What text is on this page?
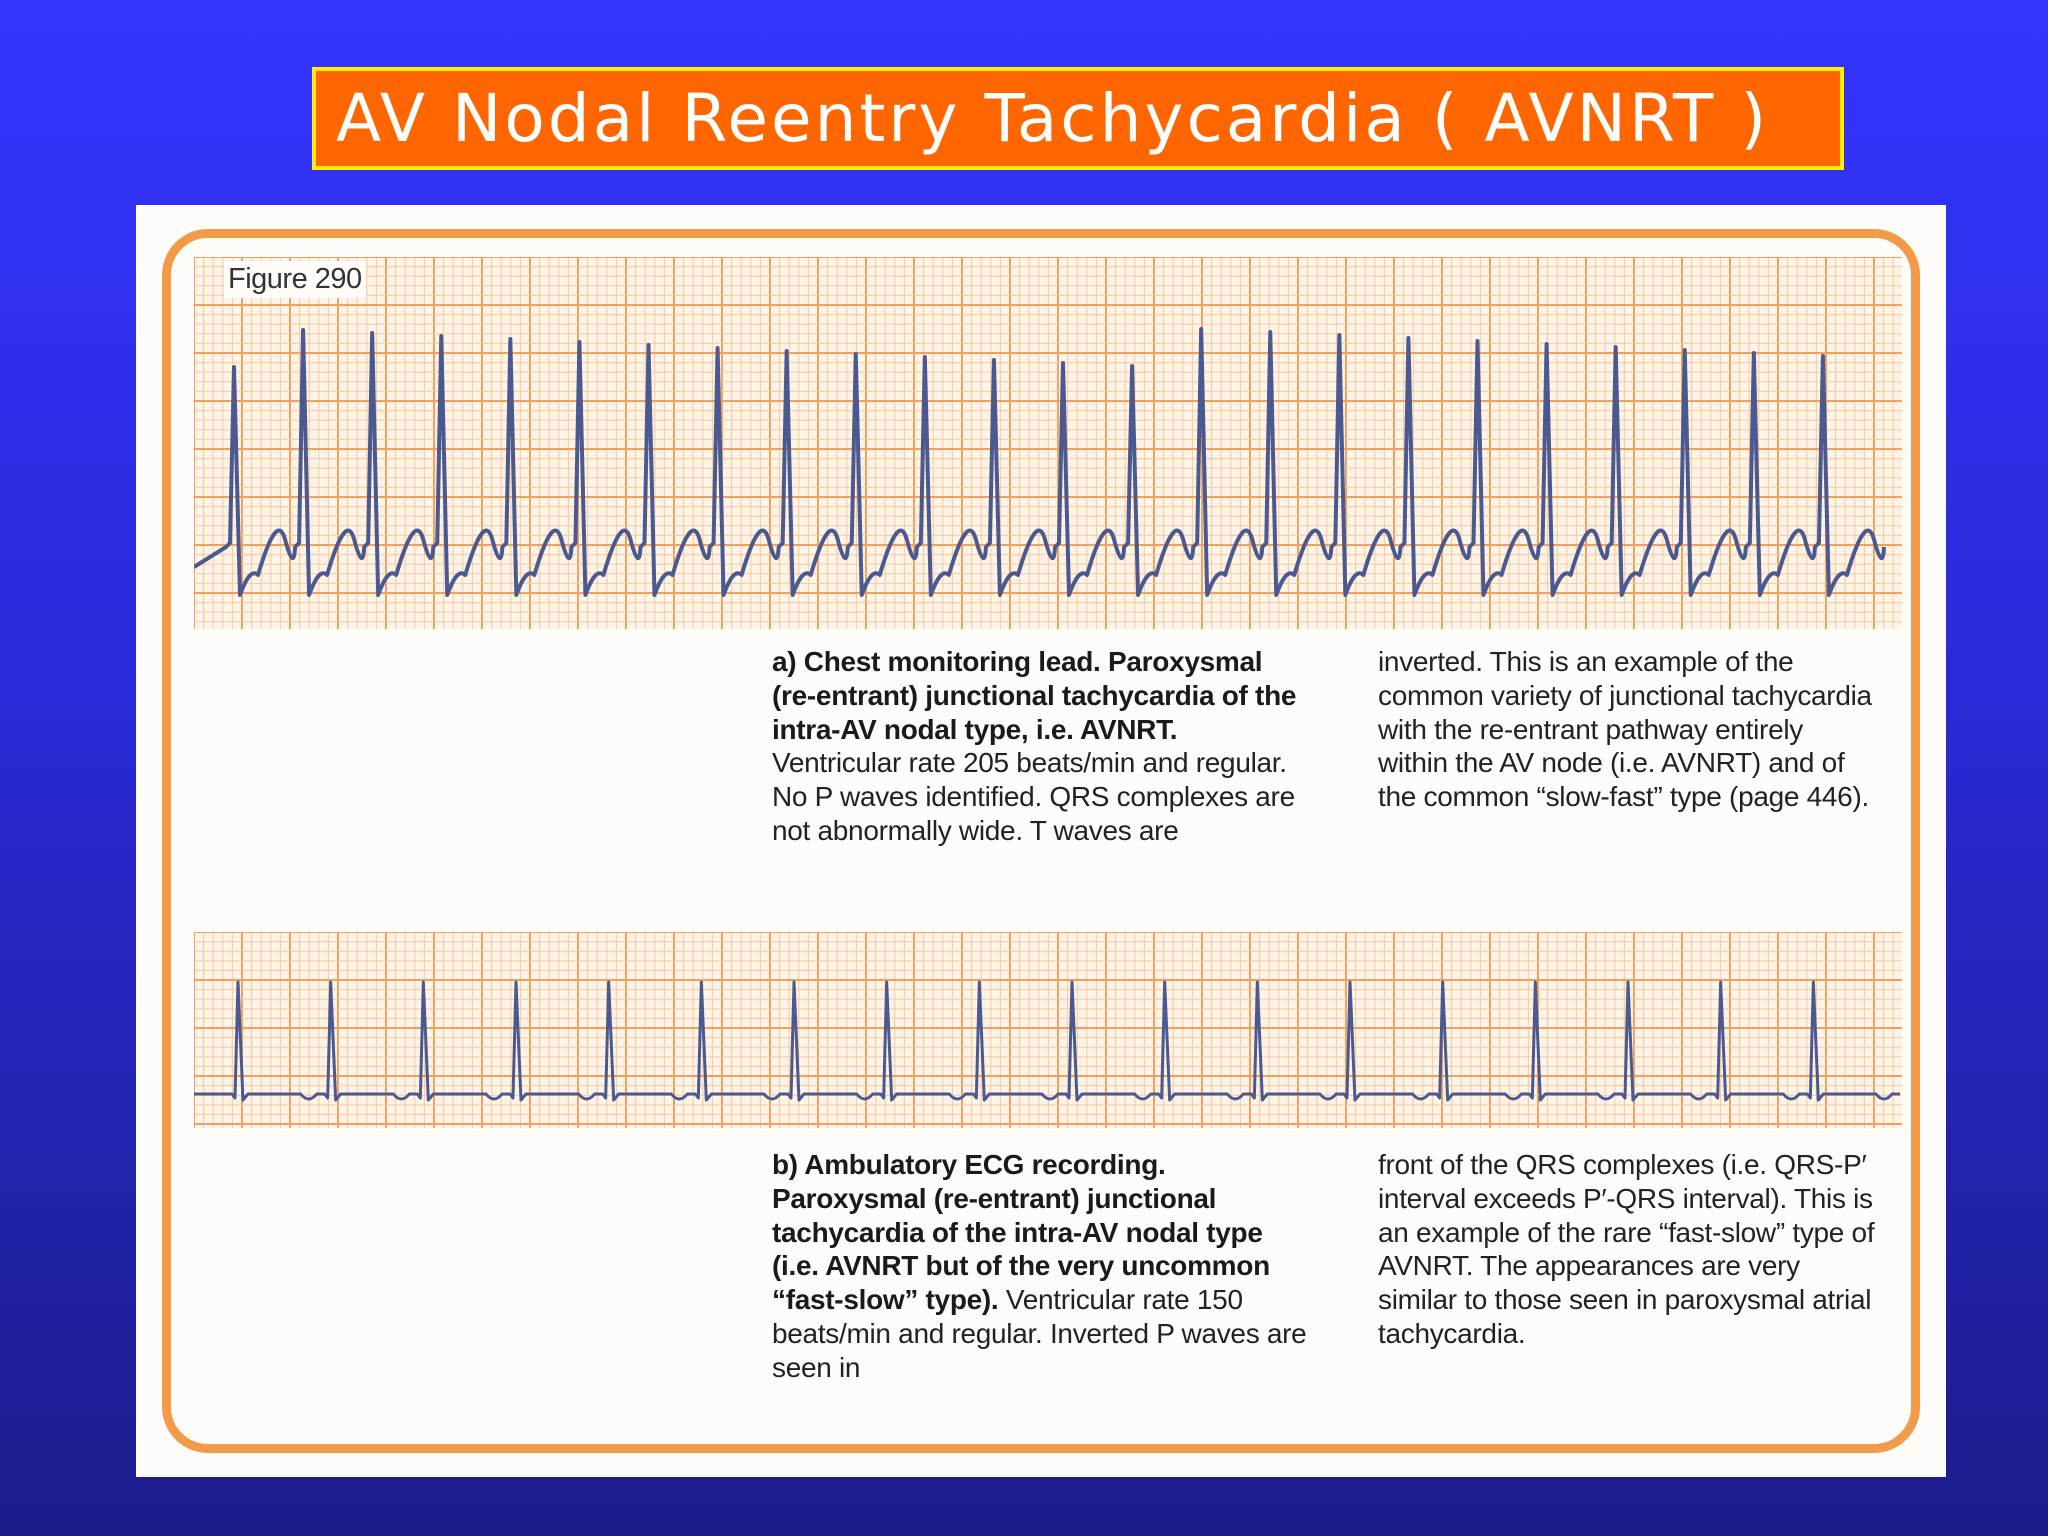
AV Nodal Reentry Tachycardia ( AVNRT )
Figure 290

a) Chest monitoring lead. Paroxysmal (re-entrant) junctional tachycardia of the intra-AV nodal type, i.e. AVNRT. Ventricular rate 205 beats/min and regular. No P waves identified. QRS complexes are not abnormally wide. T waves are

inverted. This is an example of the common variety of junctional tachycardia with the re-entrant pathway entirely within the AV node (i.e. AVNRT) and of the common “slow-fast” type (page 446).

b) Ambulatory ECG recording. Paroxysmal (re-entrant) junctional tachycardia of the intra-AV nodal type (i.e. AVNRT but of the very uncommon “fast-slow” type). Ventricular rate 150 beats/min and regular. Inverted P waves are seen in

front of the QRS complexes (i.e. QRS-P′ interval exceeds P′-QRS interval). This is an example of the rare “fast-slow” type of AVNRT. The appearances are very similar to those seen in paroxysmal atrial tachycardia.
